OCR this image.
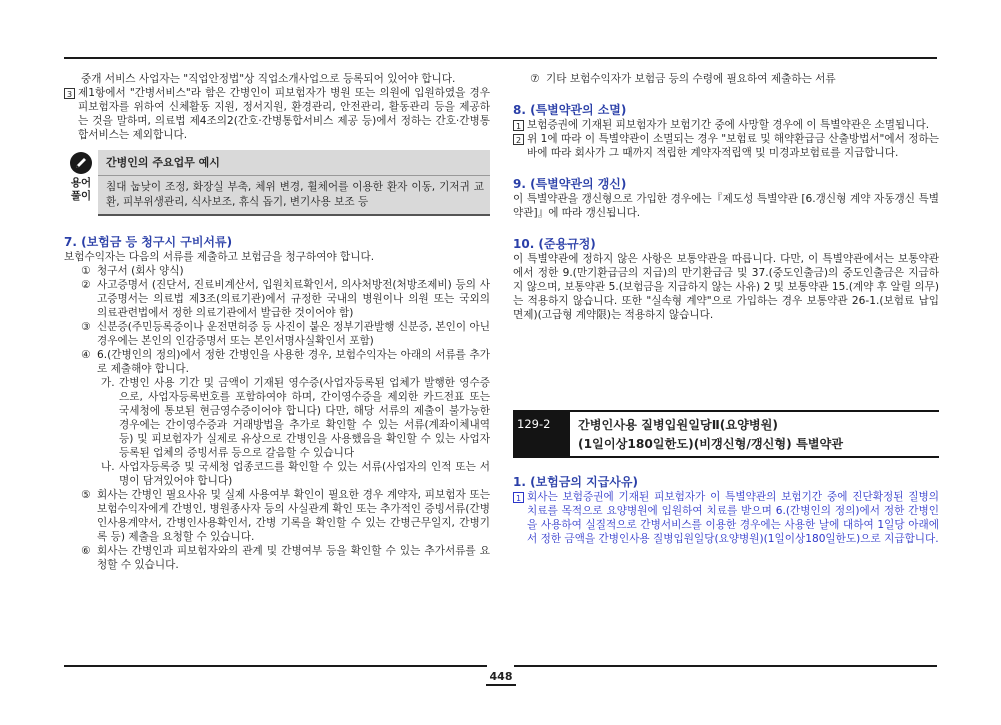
중개 서비스 사업자는 "직업안정법"상 직업소개사업으로 등록되어 있어야 합니다.

3 제1항에서 "간병서비스"라 함은 간병인이 피보험자가 병원 또는 의원에 입원하였을 경우 피보험자를 위하여 신체활동 지원, 정서지원, 환경관리, 안전관리, 활동관리 등을 제공하는 것을 말하며, 의료법 제4조의2(간호·간병통합서비스 제공 등)에서 정하는 간호·간병통합서비스는 제외합니다.
용어 풀이
간병인의 주요업무 예시
침대 눕낮이 조정, 화장실 부축, 체위 변경, 휠체어를 이용한 환자 이동, 기저귀 교환, 피부위생관리, 식사보조, 휴식 돕기, 변기사용 보조 등

7. (보험금 등 청구시 구비서류)

보험수익자는 다음의 서류를 제출하고 보험금을 청구하여야 합니다.

① 청구서 (회사 양식)
② 사고증명서 (진단서, 진료비계산서, 입원치료확인서, 의사처방전(처방조제비) 등의 사고증명서는 의료법 제3조(의료기관)에서 규정한 국내의 병원이나 의원 또는 국외의 의료관련법에서 정한 의료기관에서 발급한 것이어야 함)
③ 신분증(주민등록증이나 운전면허증 등 사진이 붙은 정부기관발행 신분증, 본인이 아닌 경우에는 본인의 인감증명서 또는 본인서명사실확인서 포함)
④ 6.(간병인의 정의)에서 정한 간병인을 사용한 경우, 보험수익자는 아래의 서류를 추가로 제출해야 합니다.
가. 간병인 사용 기간 및 금액이 기재된 영수증(사업자등록된 업체가 발행한 영수증으로, 사업자등록번호를 포함하여야 하며, 간이영수증을 제외한 카드전표 또는 국세청에 통보된 현금영수증이어야 합니다) 다만, 해당 서류의 제출이 불가능한 경우에는 간이영수증과 거래방법을 추가로 확인할 수 있는 서류(계좌이체내역 등) 및 피보험자가 실제로 유상으로 간병인을 사용했음을 확인할 수 있는 사업자등록된 업체의 증빙서류 등으로 갈음할 수 있습니다
나. 사업자등록증 및 국세청 업종코드를 확인할 수 있는 서류(사업자의 인적 또는 서명이 담겨있어야 합니다)
⑤ 회사는 간병인 필요사유 및 실제 사용여부 확인이 필요한 경우 계약자, 피보험자 또는 보험수익자에게 간병인, 병원종사자 등의 사실관계 확인 또는 추가적인 증빙서류(간병인사용계약서, 간병인사용확인서, 간병 기록을 확인할 수 있는 간병근무일지, 간병기록 등) 제출을 요청할 수 있습니다.
⑥ 회사는 간병인과 피보험자와의 관계 및 간병여부 등을 확인할 수 있는 추가서류를 요청할 수 있습니다.
⑦ 기타 보험수익자가 보험금 등의 수령에 필요하여 제출하는 서류

8. (특별약관의 소멸)

1 보험증권에 기재된 피보험자가 보험기간 중에 사망할 경우에 이 특별약관은 소멸됩니다.
2 위 1에 따라 이 특별약관이 소멸되는 경우 "보험료 및 해약환급금 산출방법서"에서 정하는 바에 따라 회사가 그 때까지 적립한 계약자적립액 및 미경과보험료를 지급합니다.

9. (특별약관의 갱신)

이 특별약관을 갱신형으로 가입한 경우에는『제도성 특별약관 [6.갱신형 계약 자동갱신 특별약관]』에 따라 갱신됩니다.

10. (준용규정)

이 특별약관에 정하지 않은 사항은 보통약관을 따릅니다. 다만, 이 특별약관에서는 보통약관에서 정한 9.(만기환급금의 지급)의 만기환급금 및 37.(중도인출금)의 중도인출금은 지급하지 않으며, 보통약관 5.(보험금을 지급하지 않는 사유) 2 및 보통약관 15.(계약 후 알릴 의무)는 적용하지 않습니다. 또한 "실속형 계약"으로 가입하는 경우 보통약관 26-1.(보험료 납입면제)(고급형 계약限)는 적용하지 않습니다.

129-2	간병인사용 질병입원일당Ⅱ(요양병원)
(1일이상180일한도)(비갱신형/갱신형) 특별약관

1. (보험금의 지급사유)

1 회사는 보험증권에 기재된 피보험자가 이 특별약관의 보험기간 중에 진단확정된 질병의 치료를 목적으로 요양병원에 입원하여 치료를 받으며 6.(간병인의 정의)에서 정한 간병인을 사용하여 실질적으로 간병서비스를 이용한 경우에는 사용한 날에 대하여 1일당 아래에서 정한 금액을 간병인사용 질병입원일당(요양병원)(1일이상180일한도)으로 지급합니다.
448
